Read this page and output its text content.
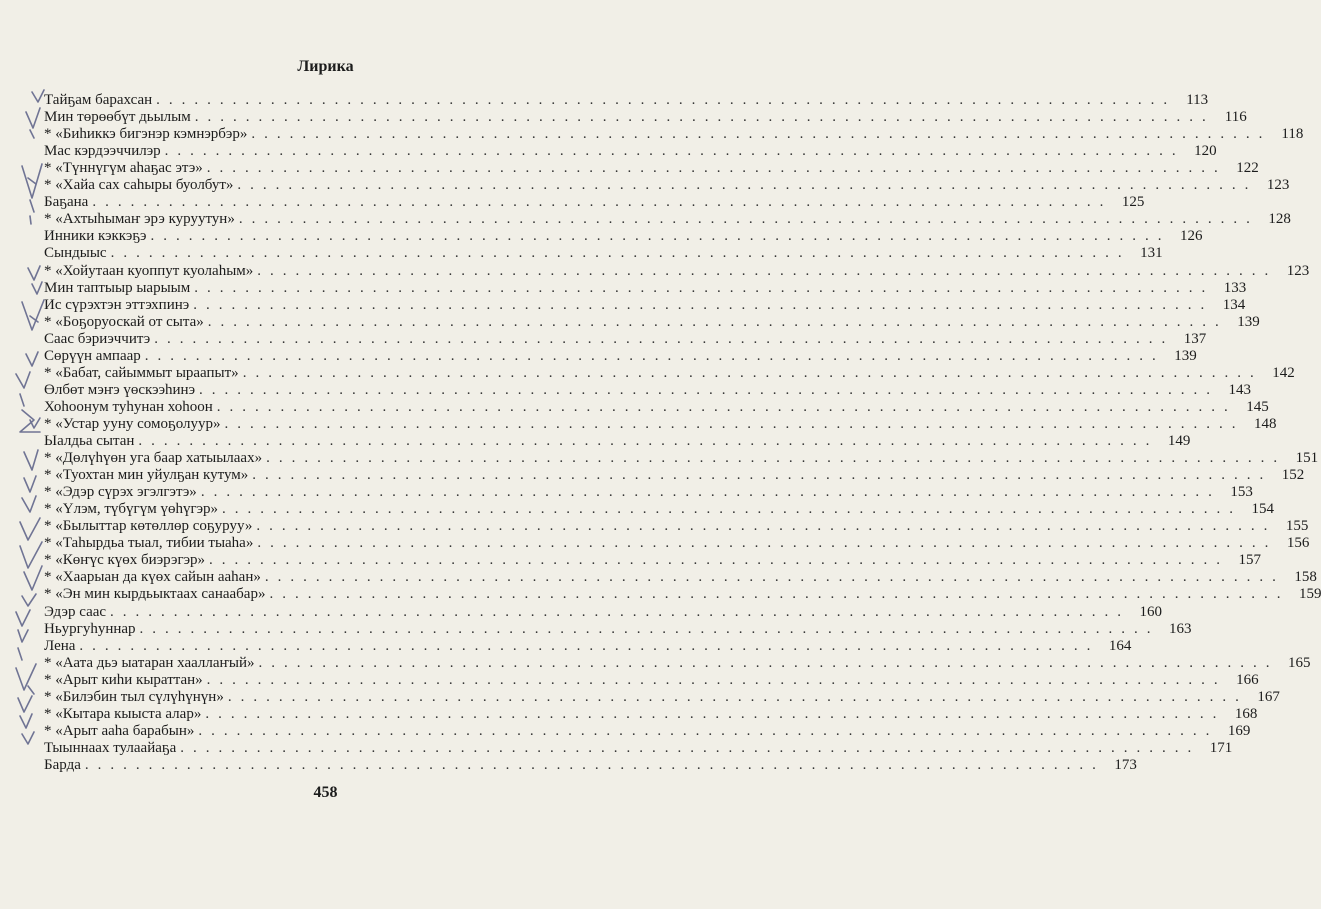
Лирика
Тайҕам барахсан ................................................................................ 113
Мин төрөөбүт дьылым ................................................................................ 116
* «Биһиккэ бигэнэр кэмнэрбэр» ................................................................................ 118
Мас кэрдээччилэр ................................................................................ 120
* «Түннүгүм аһаҕас этэ» ................................................................................ 122
* «Хайа сах саһыры буолбут» ................................................................................ 123
Баҕана ................................................................................ 125
* «Ахтыһымаҥ эрэ куруутун» ................................................................................ 128
Инники кэккэҕэ ................................................................................ 126
Сындыыс ................................................................................ 131
* «Хойутаан куоппут куолаһым» ................................................................................ 123
Мин таптыыр ыарыым ................................................................................ 133
Ис сүрэхтэн эттэхпинэ ................................................................................ 134
* «Боҕоруоскай от сыта» ................................................................................ 139
Саас бэриэччитэ ................................................................................ 137
Сөрүүн ампаар ................................................................................ 139
* «Бабат, сайыммыт ыраапыт» ................................................................................ 142
Өлбөт мэҥэ үөскээһинэ ................................................................................ 143
Хоһоонум туһунан хоһоон ................................................................................ 145
* «Устар ууну сомоҕолуур» ................................................................................ 148
Ыалдьа сытан ................................................................................ 149
* «Дөлүһүөн уга баар хатыылаах» ................................................................................ 151
* «Туохтан мин уйулҕан кутум» ................................................................................ 152
* «Эдэр сүрэх эгэлгэтэ» ................................................................................ 153
* «Үлэм, түбүгүм үөһүгэр» ................................................................................ 154
* «Былыттар көтөллөр соҕуруу» ................................................................................ 155
* «Таһырдьа тыал, тибии тыаһа» ................................................................................ 156
* «Көҥүс күөх биэрэгэр» ................................................................................ 157
* «Хаарыан да күөх сайын ааһан» ................................................................................ 158
* «Эн мин кырдьыктаах санаабар» ................................................................................ 159
Эдэр саас ................................................................................ 160
Ньургуһуннар ................................................................................ 163
Лена ................................................................................ 164
* «Аата дьэ ыатаран хааллаҥый» ................................................................................ 165
* «Арыт киһи кыраттан» ................................................................................ 166
* «Билэбин тыл сүлүһүнүн» ................................................................................ 167
* «Кытара кыыста алар» ................................................................................ 168
* «Арыт ааһа барабын» ................................................................................ 169
Тыыннаах тулаайаҕа ................................................................................ 171
Барда ................................................................................ 173
458
